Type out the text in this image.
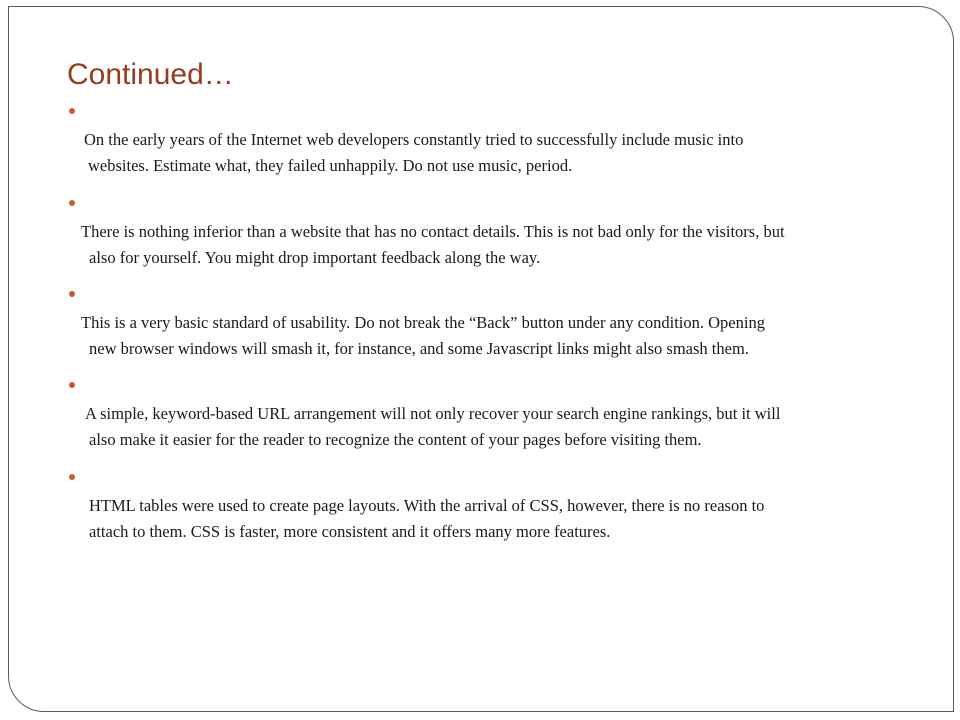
Continued…

On the early years of the Internet web developers constantly tried to successfully include music into
websites. Estimate what, they failed unhappily. Do not use music, period.

There is nothing inferior than a website that has no contact details. This is not bad only for the visitors, but
also for yourself. You might drop important feedback along the way.

This is a very basic standard of usability. Do not break the “Back” button under any condition. Opening
new browser windows will smash it, for instance, and some Javascript links might also smash them.

A simple, keyword-based URL arrangement will not only recover your search engine rankings, but it will
also make it easier for the reader to recognize the content of your pages before visiting them.

HTML tables were used to create page layouts. With the arrival of CSS, however, there is no reason to
attach to them. CSS is faster, more consistent and it offers many more features.
